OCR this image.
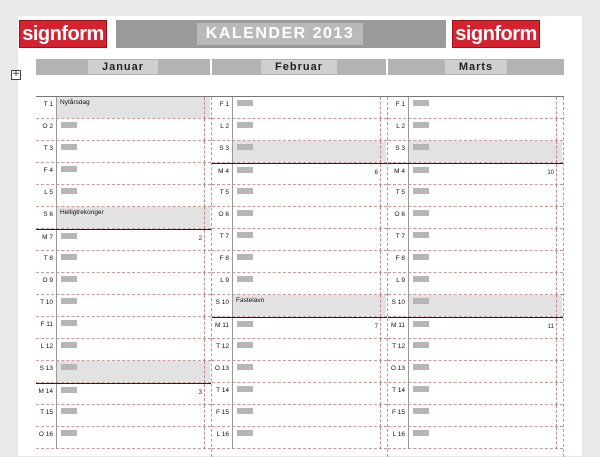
signform	KALENDER 2013	signform
Januar	Februar	Marts
+
T 1 Nytårsdag
O 2
T 3
F 4
L 5
S 6 Helligtrekonger
M 7	2
T 8
O 9
T 10
F 11
L 12
S 13
M 14	3
T 15
O 16
F 1
L 2
S 3
M 4	6
T 5
O 6
T 7
F 8
L 9
S 10 Fastelavn
M 11	7
T 12
O 13
T 14
F 15
L 16
F 1
L 2
S 3
M 4	10
T 5
O 6
T 7
F 8
L 9
S 10
M 11	11
T 12
O 13
T 14
F 15
L 16
